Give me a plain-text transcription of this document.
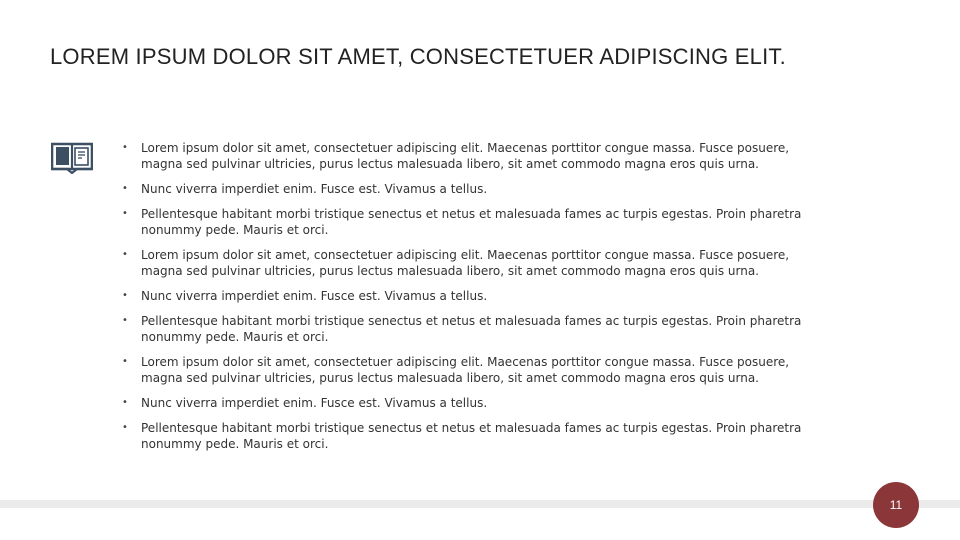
LOREM IPSUM DOLOR SIT AMET, CONSECTETUER ADIPISCING ELIT.
• Lorem ipsum dolor sit amet, consectetuer adipiscing elit. Maecenas porttitor congue massa. Fusce posuere, magna sed pulvinar ultricies, purus lectus malesuada libero, sit amet commodo magna eros quis urna.
• Nunc viverra imperdiet enim. Fusce est. Vivamus a tellus.
• Pellentesque habitant morbi tristique senectus et netus et malesuada fames ac turpis egestas. Proin pharetra nonummy pede. Mauris et orci.
• Lorem ipsum dolor sit amet, consectetuer adipiscing elit. Maecenas porttitor congue massa. Fusce posuere, magna sed pulvinar ultricies, purus lectus malesuada libero, sit amet commodo magna eros quis urna.
• Nunc viverra imperdiet enim. Fusce est. Vivamus a tellus.
• Pellentesque habitant morbi tristique senectus et netus et malesuada fames ac turpis egestas. Proin pharetra nonummy pede. Mauris et orci.
• Lorem ipsum dolor sit amet, consectetuer adipiscing elit. Maecenas porttitor congue massa. Fusce posuere, magna sed pulvinar ultricies, purus lectus malesuada libero, sit amet commodo magna eros quis urna.
• Nunc viverra imperdiet enim. Fusce est. Vivamus a tellus.
• Pellentesque habitant morbi tristique senectus et netus et malesuada fames ac turpis egestas. Proin pharetra nonummy pede. Mauris et orci.
11
